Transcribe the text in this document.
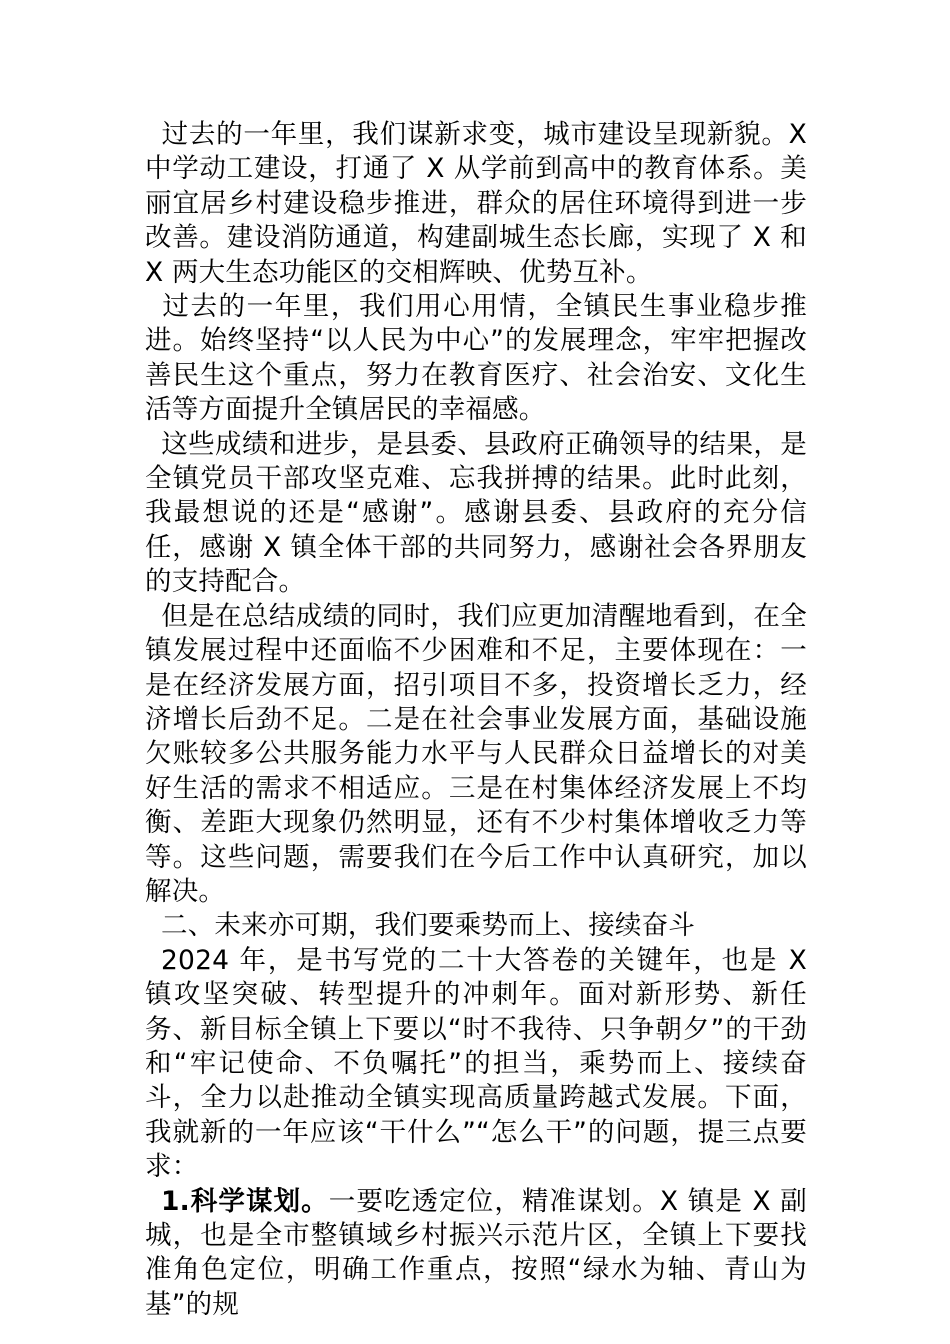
过去的一年里，我们谋新求变，城市建设呈现新貌。X 中学动工建设，打通了 X 从学前到高中的教育体系。美丽宜居乡村建设稳步推进，群众的居住环境得到进一步改善。建设消防通道，构建副城生态长廊，实现了 X 和 X 两大生态功能区的交相辉映、优势互补。

过去的一年里，我们用心用情，全镇民生事业稳步推进。始终坚持“以人民为中心”的发展理念，牢牢把握改善民生这个重点，努力在教育医疗、社会治安、文化生活等方面提升全镇居民的幸福感。

这些成绩和进步，是县委、县政府正确领导的结果，是全镇党员干部攻坚克难、忘我拼搏的结果。此时此刻，我最想说的还是“感谢”。感谢县委、县政府的充分信任，感谢 X 镇全体干部的共同努力，感谢社会各界朋友的支持配合。

但是在总结成绩的同时，我们应更加清醒地看到，在全镇发展过程中还面临不少困难和不足，主要体现在：一是在经济发展方面，招引项目不多，投资增长乏力，经济增长后劲不足。二是在社会事业发展方面，基础设施欠账较多公共服务能力水平与人民群众日益增长的对美好生活的需求不相适应。三是在村集体经济发展上不均衡、差距大现象仍然明显，还有不少村集体增收乏力等等。这些问题，需要我们在今后工作中认真研究，加以解决。

二、未来亦可期，我们要乘势而上、接续奋斗

2024 年，是书写党的二十大答卷的关键年，也是 X 镇攻坚突破、转型提升的冲刺年。面对新形势、新任务、新目标全镇上下要以“时不我待、只争朝夕”的干劲和“牢记使命、不负嘱托”的担当，乘势而上、接续奋斗，全力以赴推动全镇实现高质量跨越式发展。下面，我就新的一年应该“干什么”“怎么干”的问题，提三点要求：

1.科学谋划。一要吃透定位，精准谋划。X 镇是 X 副城，也是全市整镇域乡村振兴示范片区，全镇上下要找准角色定位，明确工作重点，按照“绿水为轴、青山为基”的规
